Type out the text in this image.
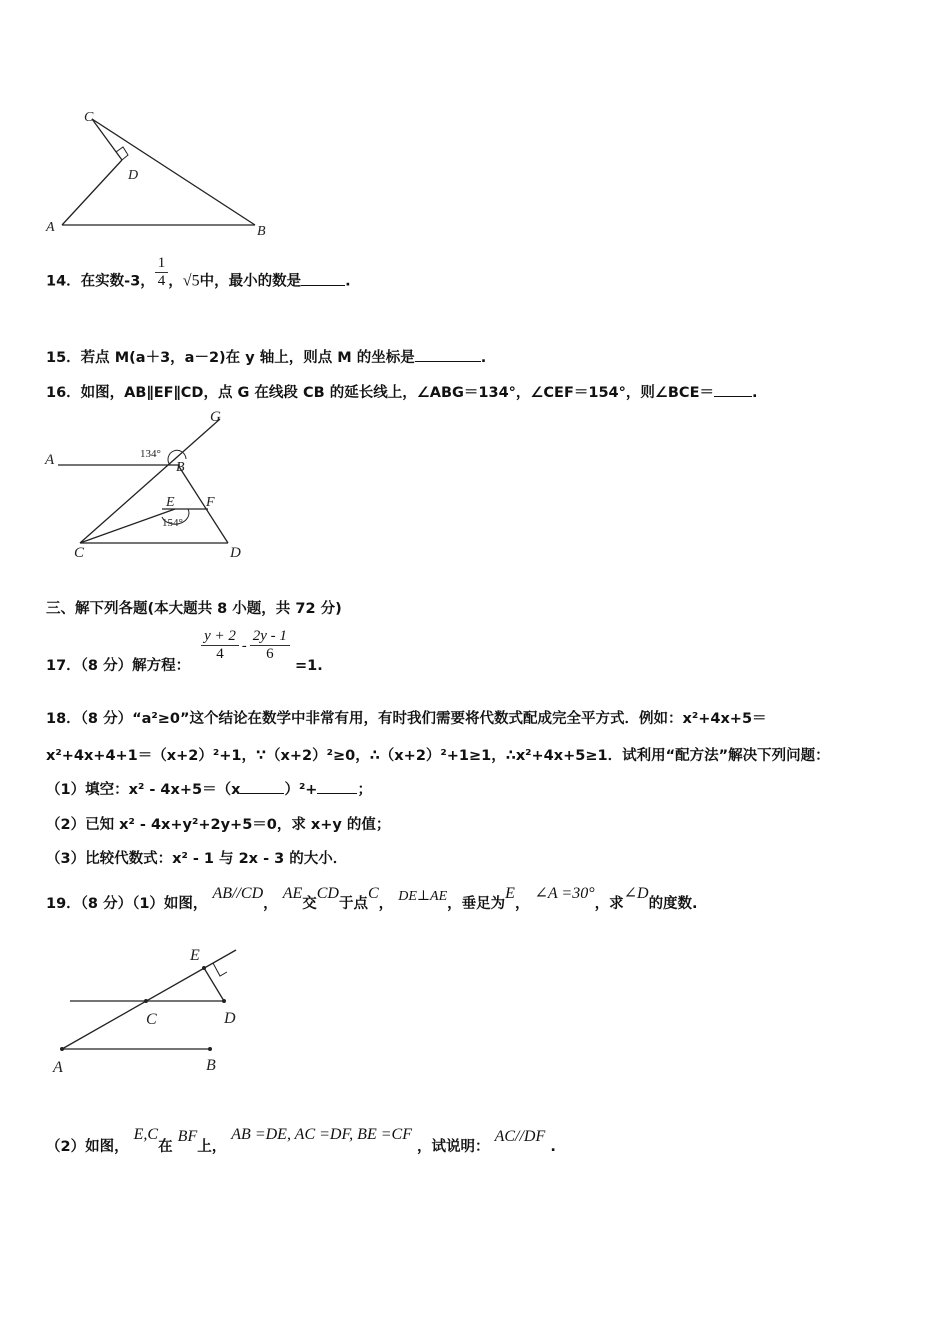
C
D
A	B
14．在实数-3， $\frac{1}{4}$ ，√5中，最小的数是	.
15．若点 M(a＋3，a－2)在 y 轴上，则点 M 的坐标是	.
16．如图，AB∥EF∥CD，点 G 在线段 CB 的延长线上，∠ABG＝134°，∠CEF＝154°，则∠BCE＝	.
G
A	B
E F
C	D
134°
154°
三、解下列各题(本大题共 8 小题，共 72 分)
17．（8 分）解方程：
$\frac{y + 2}{4} - \frac{2y - 1}{6}$
=1.
18．（8 分）“a²≥0”这个结论在数学中非常有用，有时我们需要将代数式配成完全平方式．例如：x²+4x+5＝
x²+4x+4+1＝（x+2）²+1，∵（x+2）²≥0，∴（x+2）²+1≥1，∴x²+4x+5≥1．试利用“配方法”解决下列问题：
（1）填空：x² - 4x+5＝（x	）²+	；
（2）已知 x² - 4x+y²+2y+5＝0，求 x+y 的值；
（3）比较代数式：x² - 1 与 2x - 3 的大小．
19．（8 分）（1）如图， AB//CD， AE交CD于点C， DE⊥AE，垂足为E， ∠A =30°，求∠D的度数.
E
C	D
A	B
（2）如图， E,C在 BF上， AB =DE, AC =DF, BE =CF ，试说明： AC//DF .
